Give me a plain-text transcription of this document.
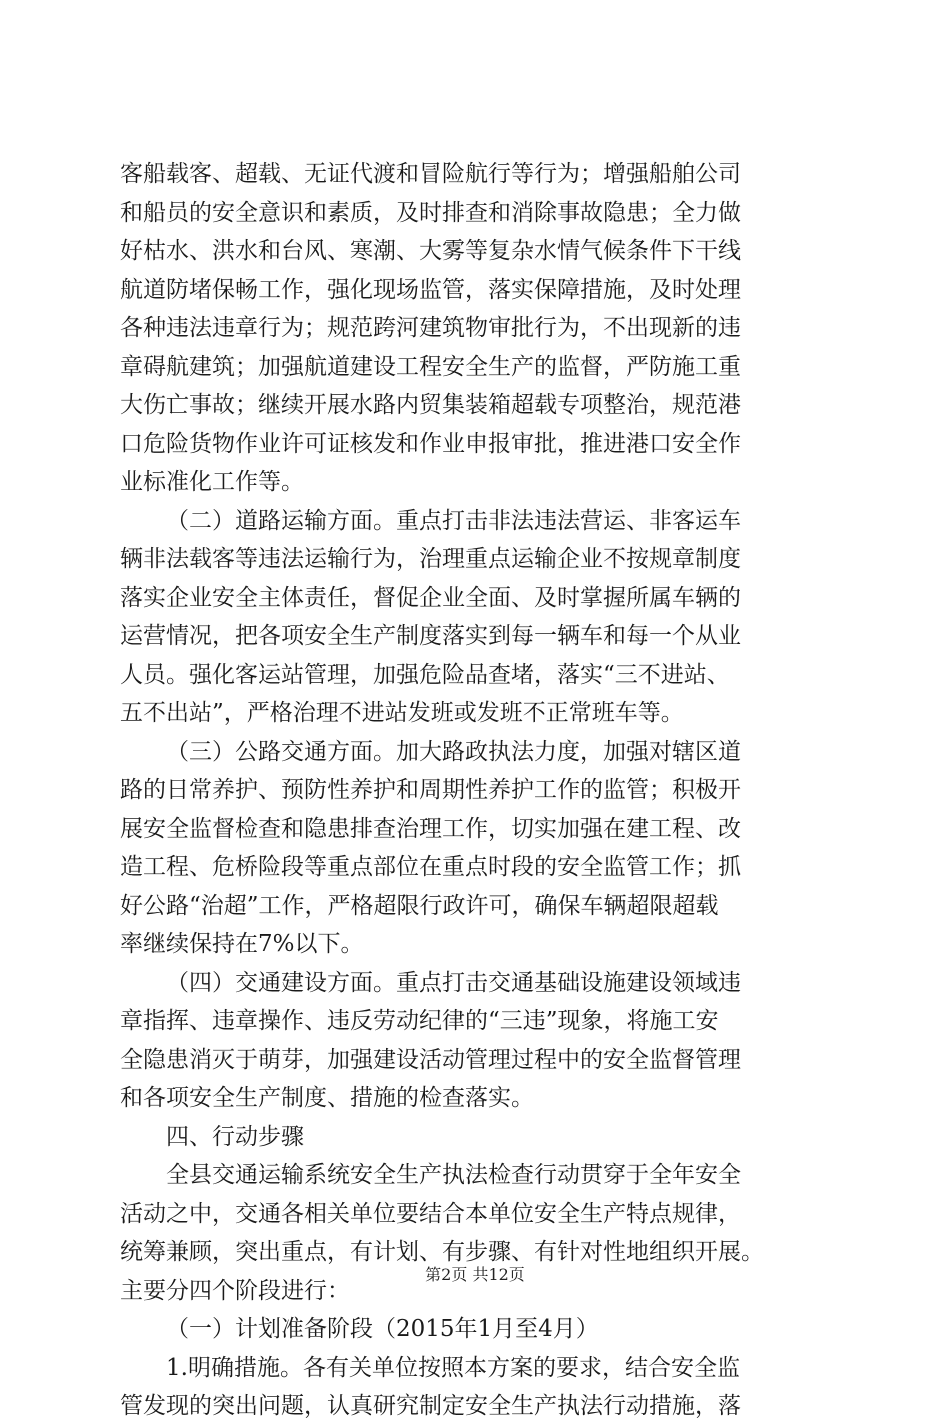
客船载客、超载、无证代渡和冒险航行等行为；增强船舶公司
和船员的安全意识和素质，及时排查和消除事故隐患；全力做
好枯水、洪水和台风、寒潮、大雾等复杂水情气候条件下干线
航道防堵保畅工作，强化现场监管，落实保障措施，及时处理
各种违法违章行为；规范跨河建筑物审批行为，不出现新的违
章碍航建筑；加强航道建设工程安全生产的监督，严防施工重
大伤亡事故；继续开展水路内贸集装箱超载专项整治，规范港
口危险货物作业许可证核发和作业申报审批，推进港口安全作
业标准化工作等。
（二）道路运输方面。重点打击非法违法营运、非客运车
辆非法载客等违法运输行为，治理重点运输企业不按规章制度
落实企业安全主体责任，督促企业全面、及时掌握所属车辆的
运营情况，把各项安全生产制度落实到每一辆车和每一个从业
人员。强化客运站管理，加强危险品查堵，落实“三不进站、
五不出站”，严格治理不进站发班或发班不正常班车等。
（三）公路交通方面。加大路政执法力度，加强对辖区道
路的日常养护、预防性养护和周期性养护工作的监管；积极开
展安全监督检查和隐患排查治理工作，切实加强在建工程、改
造工程、危桥险段等重点部位在重点时段的安全监管工作；抓
好公路“治超”工作，严格超限行政许可，确保车辆超限超载
率继续保持在7%以下。
（四）交通建设方面。重点打击交通基础设施建设领域违
章指挥、违章操作、违反劳动纪律的“三违”现象，将施工安
全隐患消灭于萌芽，加强建设活动管理过程中的安全监督管理
和各项安全生产制度、措施的检查落实。
四、行动步骤
全县交通运输系统安全生产执法检查行动贯穿于全年安全
活动之中，交通各相关单位要结合本单位安全生产特点规律，
统筹兼顾，突出重点，有计划、有步骤、有针对性地组织开展。
主要分四个阶段进行：
（一）计划准备阶段（2015年1月至4月）
1.明确措施。各有关单位按照本方案的要求，结合安全监
管发现的突出问题，认真研究制定安全生产执法行动措施，落
第2页 共12页
